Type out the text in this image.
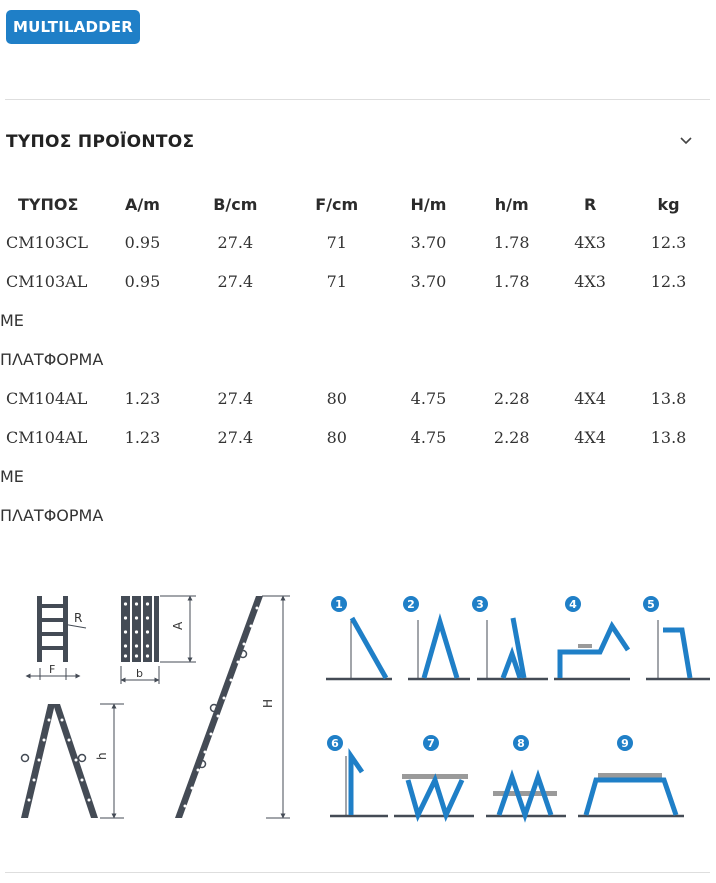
MULTILADDER
ΤΥΠΟΣ ΠΡΟΪΟΝΤΟΣ
ΤΥΠΟΣ	A/m	B/cm	F/cm	H/m	h/m	R	kg
CM103CL	0.95	27.4	71	3.70	1.78	4X3	12.3
CM103AL	0.95	27.4	71	3.70	1.78	4X3	12.3
ΜΕ							
ΠΛΑΤΦΟΡΜΑ							
CM104AL	1.23	27.4	80	4.75	2.28	4X4	13.8
CM104AL	1.23	27.4	80	4.75	2.28	4X4	13.8
ΜΕ							
ΠΛΑΤΦΟΡΜΑ							
R
F
A
b
h
H
1	2	3	4	5
6	7	8	9
